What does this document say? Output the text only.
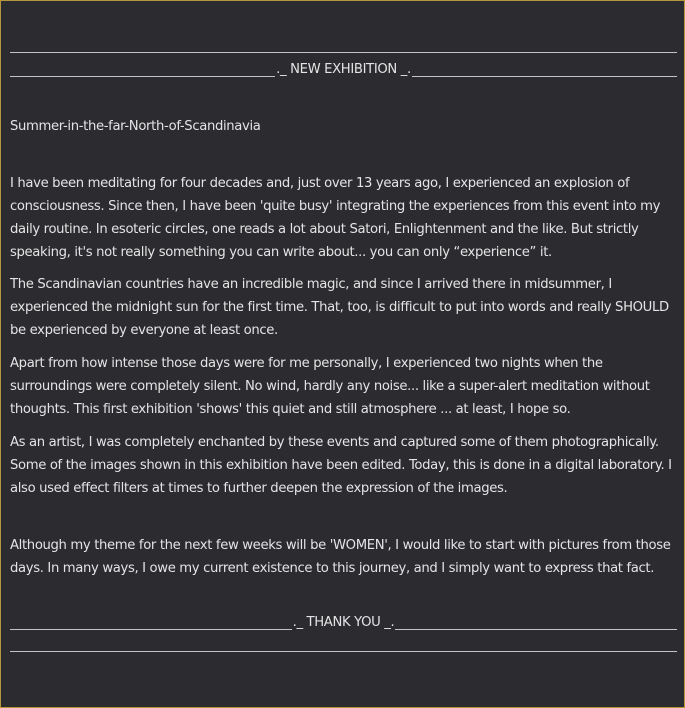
._ NEW EXHIBITION _.
Summer-in-the-far-North-of-Scandinavia

I have been meditating for four decades and, just over 13 years ago, I experienced an explosion of consciousness. Since then, I have been 'quite busy' integrating the experiences from this event into my daily routine. In esoteric circles, one reads a lot about Satori, Enlightenment and the like. But strictly speaking, it's not really something you can write about... you can only “experience” it.

The Scandinavian countries have an incredible magic, and since I arrived there in midsummer, I experienced the midnight sun for the first time. That, too, is difficult to put into words and really SHOULD be experienced by everyone at least once.

Apart from how intense those days were for me personally, I experienced two nights when the surroundings were completely silent. No wind, hardly any noise... like a super-alert meditation without thoughts. This first exhibition 'shows' this quiet and still atmosphere ... at least, I hope so.

As an artist, I was completely enchanted by these events and captured some of them photographically. Some of the images shown in this exhibition have been edited. Today, this is done in a digital laboratory. I also used effect filters at times to further deepen the expression of the images.

Although my theme for the next few weeks will be 'WOMEN', I would like to start with pictures from those days. In many ways, I owe my current existence to this journey, and I simply want to express that fact.

._ THANK YOU _.
